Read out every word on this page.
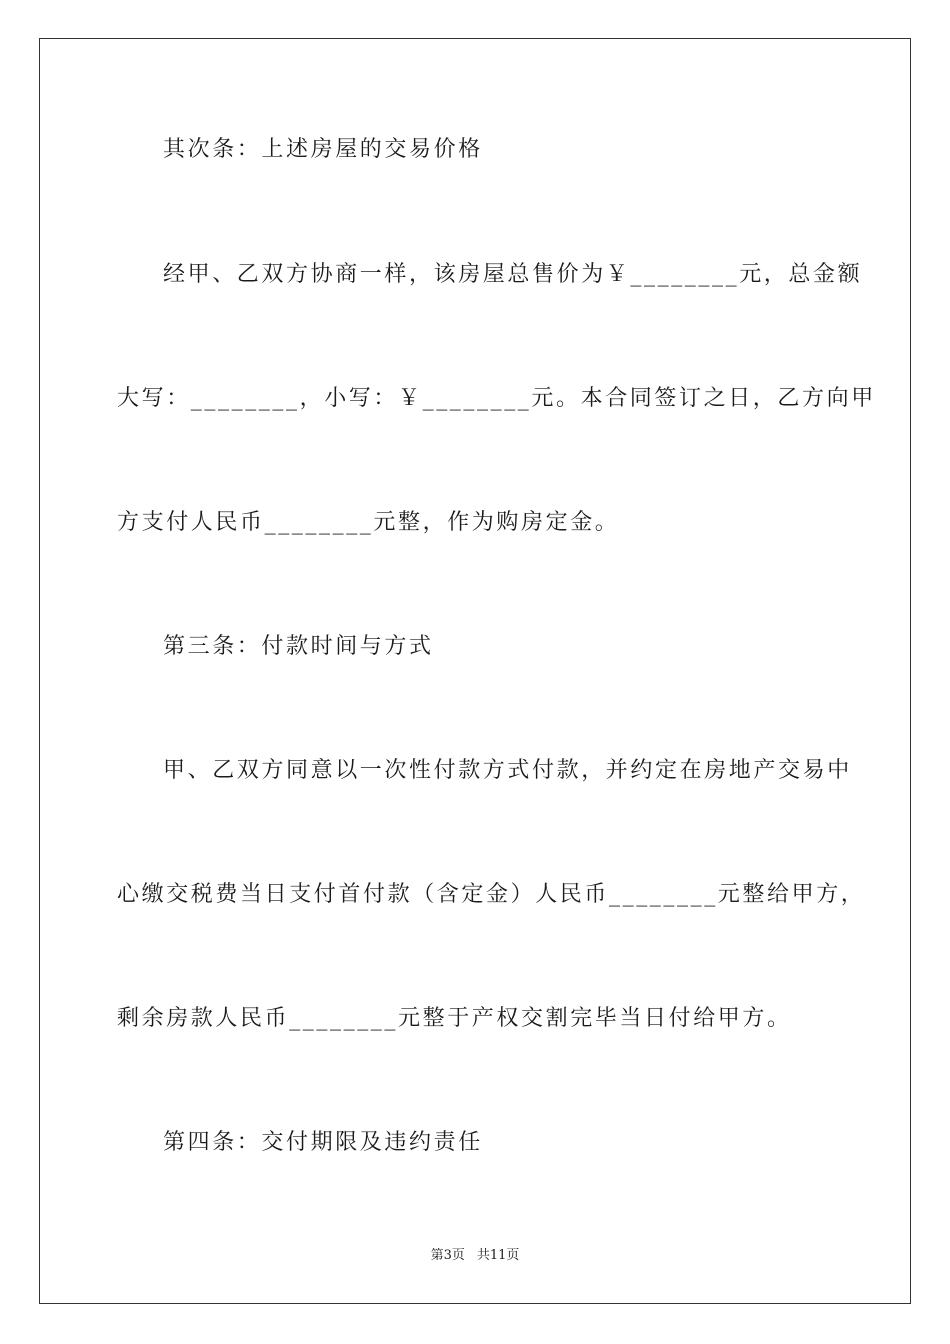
其次条：上述房屋的交易价格
经甲、乙双方协商一样，该房屋总售价为￥________元，总金额
大写：________，小写：￥________元。本合同签订之日，乙方向甲
方支付人民币________元整，作为购房定金。
第三条：付款时间与方式
甲、乙双方同意以一次性付款方式付款，并约定在房地产交易中
心缴交税费当日支付首付款（含定金）人民币________元整给甲方，
剩余房款人民币________元整于产权交割完毕当日付给甲方。
第四条：交付期限及违约责任
第3页 共11页
